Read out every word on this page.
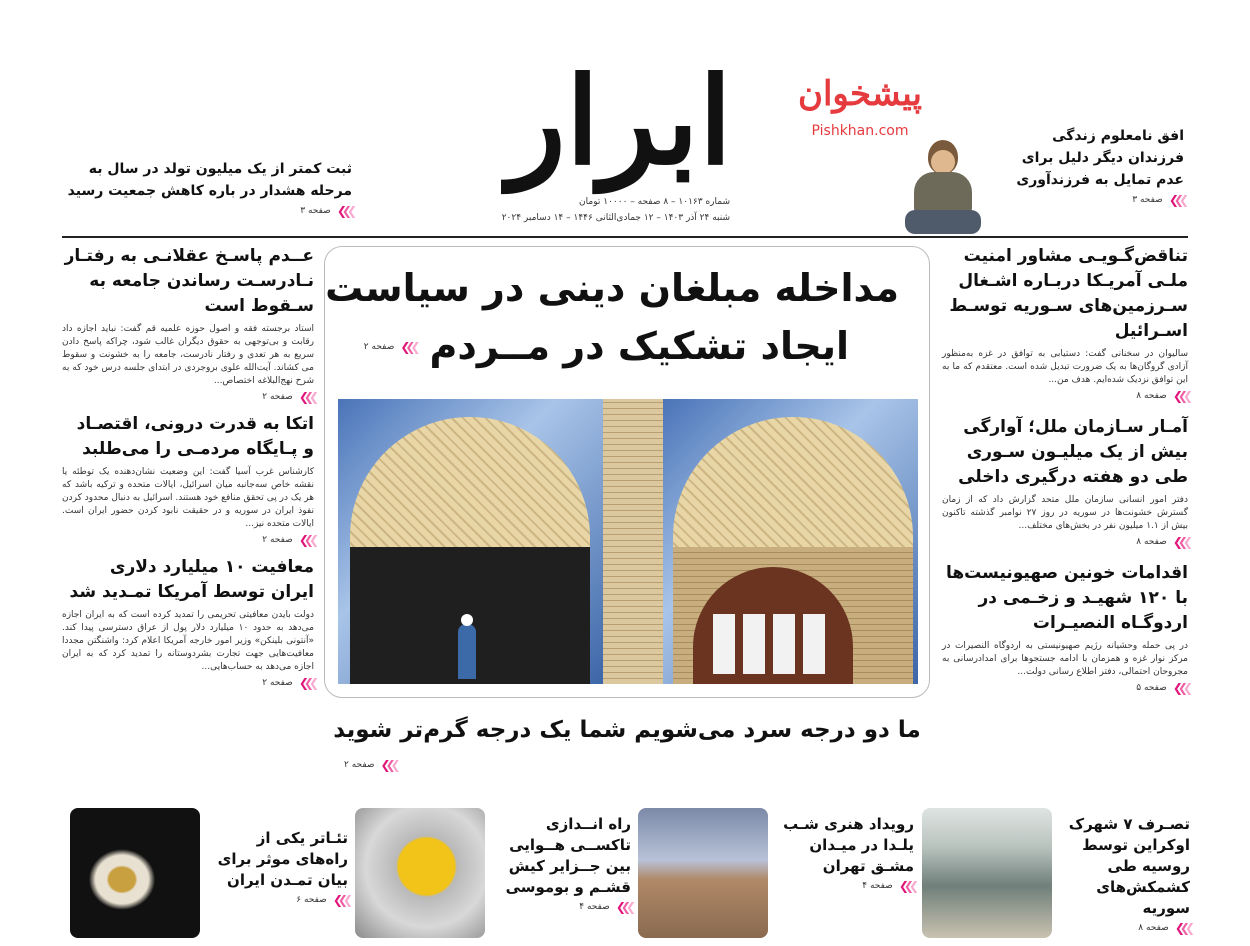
ابرار
شماره ۱۰۱۶۳ – ۸ صفحه – ۱۰۰۰۰ تومان
شنبه ۲۴ آذر ۱۴۰۳ – ۱۲ جمادی‌الثانی ۱۴۴۶ – ۱۴ دسامبر ۲۰۲۴
ثبت کمتر از یک میلیون تولد در سال به مرحله هشدار در باره کاهش جمعیت رسید
❮ ❮ ❮
صفحه ۳
پیشخوان
Pishkhan.com	افق نامعلوم زندگی فرزندان دیگر دلیل برای عدم تمایل به فرزندآوری
❮ ❮ ❮
صفحه ۳
عــدم پاسـخ عقلانـی به رفتـار نـادرسـت رساندن جامعه به سـقوط است
استاد برجسته فقه و اصول حوزه علمیه قم گفت: نباید اجازه داد رقابت و بی‌توجهی به حقوق دیگران غالب شود، چراکه پاسخ دادن سریع به هر تعدی و رفتار نادرست، جامعه را به خشونت و سقوط می کشاند. آیت‌الله علوی بروجردی در ابتدای جلسه درس خود که به شرح نهج‌البلاغه اختصاص...
❮ ❮ ❮
صفحه ۲
اتکا به قدرت درونی، اقتصـاد و پـایگاه مردمـی را می‌طلبد
کارشناس غرب آسیا گفت: این وضعیت نشان‌دهنده یک توطئه یا نقشه خاص سه‌جانبه میان اسرائیل، ایالات متحده و ترکیه باشد که هر یک در پی تحقق منافع خود هستند. اسرائیل به دنبال محدود کردن نفوذ ایران در سوریه و در حقیقت نابود کردن حضور ایران است. ایالات متحده نیز...
❮ ❮ ❮
صفحه ۲
معافیت ۱۰ میلیارد دلاری ایران توسط آمریکا تمـدید شد
دولت بایدن معافیتی تحریمی را تمدید کرده است که به ایران اجازه می‌دهد به حدود ۱۰ میلیارد دلار پول از عراق دسترسی پیدا کند. «آنتونی بلینکن» وزیر امور خارجه آمریکا اعلام کرد: واشنگتن مجددا معافیت‌هایی جهت تجارت بشردوستانه را تمدید کرد که به ایران اجازه می‌دهد به حساب‌هایی...
❮ ❮ ❮
صفحه ۲
مداخله مبلغان دینی در سیاست
ایجاد تشکیک در مــردم
❮ ❮ ❮
صفحه ۲
ما دو درجه سرد می‌شویم شما یک درجه گرم‌تر شوید
❮ ❮ ❮
صفحه ۲
تناقض‌گـویـی مشاور امنیت ملـی آمریـکا دربـاره اشـغال سـرزمین‌های سـوریه توسـط اسـرائیل
سالیوان در سخنانی گفت: دستیابی به توافق در غزه به‌منظور آزادی گروگان‌ها به یک ضرورت تبدیل شده است. معتقدم که ما به این توافق نزدیک شده‌ایم. هدف من...
❮ ❮ ❮
صفحه ۸
آمـار سـازمان ملل؛ آوارگی بیش از یک میلیـون سـوری طی دو هفته درگیری داخلی
دفتر امور انسانی سازمان ملل متحد گزارش داد که از زمان گسترش خشونت‌ها در سوریه در روز ۲۷ نوامبر گذشته تاکنون بیش از ۱.۱ میلیون نفر در بخش‌های مختلف...
❮ ❮ ❮
صفحه ۸
اقدامات خونین صهیونیست‌ها با ۱۲۰ شهیـد و زخـمی در اردوگـاه النصیـرات
در پی حمله وحشیانه رژیم صهیونیستی به اردوگاه النصیرات در مرکز نوار غزه و همزمان با ادامه جستجوها برای امدادرسانی به مجروحان احتمالی، دفتر اطلاع رسانی دولت...
❮ ❮ ❮
صفحه ۵
تصـرف ۷ شهرک اوکراین توسط روسیه طی کشمکش‌های سوریه
❮ ❮ ❮
صفحه ۸
رویداد هنری شـب یلـدا در میـدان مشـق تهران
❮ ❮ ❮
صفحه ۴
راه انــدازی تاکســی هــوایی بین جــزایر کیش قشـم و بوموسی
❮ ❮ ❮
صفحه ۴
تئـاتر یکی از راه‌های موثر برای بیان تمـدن ایران
❮ ❮ ❮
صفحه ۶
